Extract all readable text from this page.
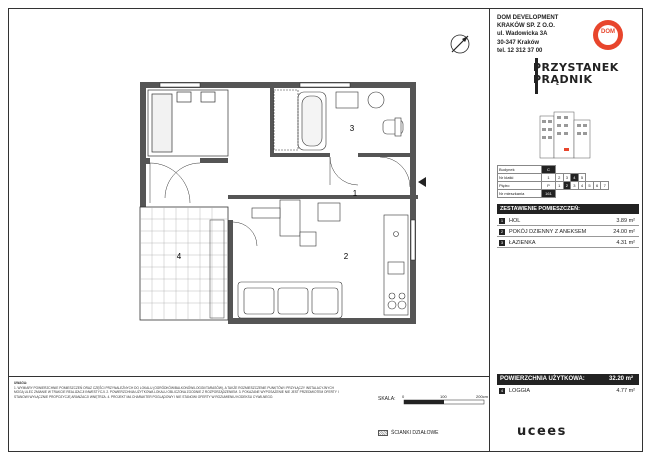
1
2
3
4
0	100	200cm
SKALA:
ŚCIANKI DZIAŁOWE
UWAGA:
1. WYMIARY POWIERZCHNIE POMIESZCZEŃ ORAZ CZĘŚCI PRZYNALEŻNYCH DO LOKALU (OGRÓDKÓW/BALKONÓW/LOGGII/TARASÓW), A TAKŻE ROZMIESZCZENIE PUNKTÓW I PRZYŁĄCZY INSTALACYJNYCH MOGĄ ULEC ZMIANIE W TRAKCIE REALIZACJI INWESTYCJI. 2. POWIERZCHNIA UŻYTKOWA LOKALU OBLICZONA ZGODNIE Z ROZPORZĄDZENIEM. 3. POKAZANE WYPOSAŻENIE NIE JEST PRZEDMIOTEM OFERTY I STANOWI WYŁĄCZNIE PROPOZYCJĘ ARANŻACJI WNĘTRZA. 4. PROJEKT MA CHARAKTER POGLĄDOWY I NIE STANOWI OFERTY W ROZUMIENIU KODEKSU CYWILNEGO.
DOM DEVELOPMENT
KRAKÓW SP. Z O.O.
ul. Wadowicka 3A
30-347 Kraków
tel. 12 312 37 00
DOM
PRZYSTANEK
PRĄDNIK
Budynek	C							
Nr klatki	1	2	3	4	5			
Piętro	P	1	2	3	4	5	6	7
Nr mieszkania	161							
ZESTAWIENIE POMIESZCZEŃ:
1	HOL	3.89 m²
2	POKÓJ DZIENNY Z ANEKSEM	24.00 m²
3	ŁAZIENKA	4.31 m²
POWIERZCHNIA UŻYTKOWA:	32.20 m²
4	LOGGIA	4.77 m²
ucees
